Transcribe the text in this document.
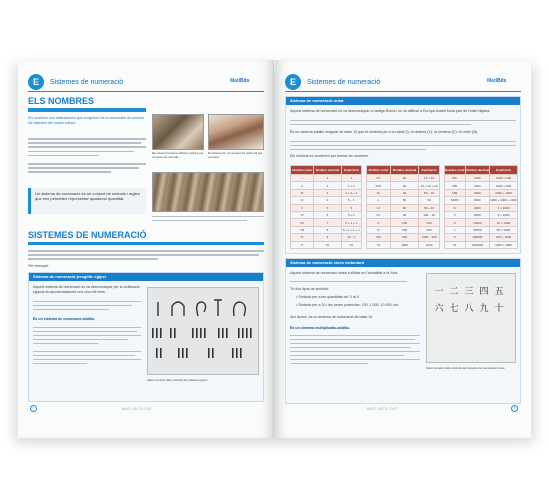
E Sistemes de numeració	MatiBits
ELS NOMBRES
Els nombres són abstraccions que sorgeixen de la necessitat de comptar els objectes del nostre voltant.
Un sistema de numeració és un conjunt de símbols i regles que ens permeten representar qualsevol quantitat.
Els éssers humans utilitzen pedres per comptar els animals.
El sistema de numeració ha estat útil per comptar.
SISTEMES DE NUMERACIÓ
Per exemple:
Sistema de numeració jeroglífic egipci
Aquest sistema de numeració es va desenvolupar per la civilització egípcia fa aproximadament uns cinc mil·lenis.
És un sistema de numeració additiu.
Valor numèric dels símbols del sistema egipci
‹	MATI-BITS.CAT
E Sistemes de numeració	MatiBits
Sistema de numeració romà
Aquest sistema de numeració es va desenvolupar a l'antiga Roma i es va utilitzar a Europa durant bona part de l'edat mitjana.
És un sistema additiu irregular de base 10 que té símbols per a la unitat (I), la desena (X), la centena (C) i el miler (M).
Els símbols es combinen per formar els nombres.
Nombre romà	Nombre decimal	Explicació
I	1	1
II	2	1 + 1
III	3	1 + 1 + 1
IV	4	5 − 1
V	5	5
VI	6	5 + 1
VII	7	5 + 1 + 1
VIII	8	5 + 1 + 1 + 1
IX	9	10 − 1
X	10	10
Nombre romà	Nombre decimal	Explicació
XX	20	10 + 10
XXX	30	10 + 10 + 10
XL	40	50 − 10
L	50	50
LX	60	50 + 10
XC	90	100 − 10
C	100	100
D	500	500
CM	900	1000 − 100
M	1000	1000
Nombre romà	Nombre decimal	Explicació
MC	1100	1000 + 100
MD	1500	1000 + 500
MM	2000	1000 + 1000
MMM	3000	1000 + 1000 + 1000
IV	4000	4 × 1000
V	5000	5 × 1000
X	10000	10 × 1000
L	50000	50 × 1000
C	100000	100 × 1000
M	1000000	1000 × 1000
Sistema de numeració xinès estàndard
Aquest sistema de numeració xinès s'utilitza en l'actualitat a la Xina.
Té dos tipus de símbols:
• Símbols per a les quantitats de l'1 al 9
• Símbols per a 10 i les seves potències: 100, 1.000, 10.000, etc.
Així doncs, és un sistema de numeració de base 10.
És un sistema multiplicatiu-additiu.
一 二 三 四 五
六 七 八 九 十
Valor numèric dels símbols del sistema de numeració xinès
MATI-BITS.CAT	›
